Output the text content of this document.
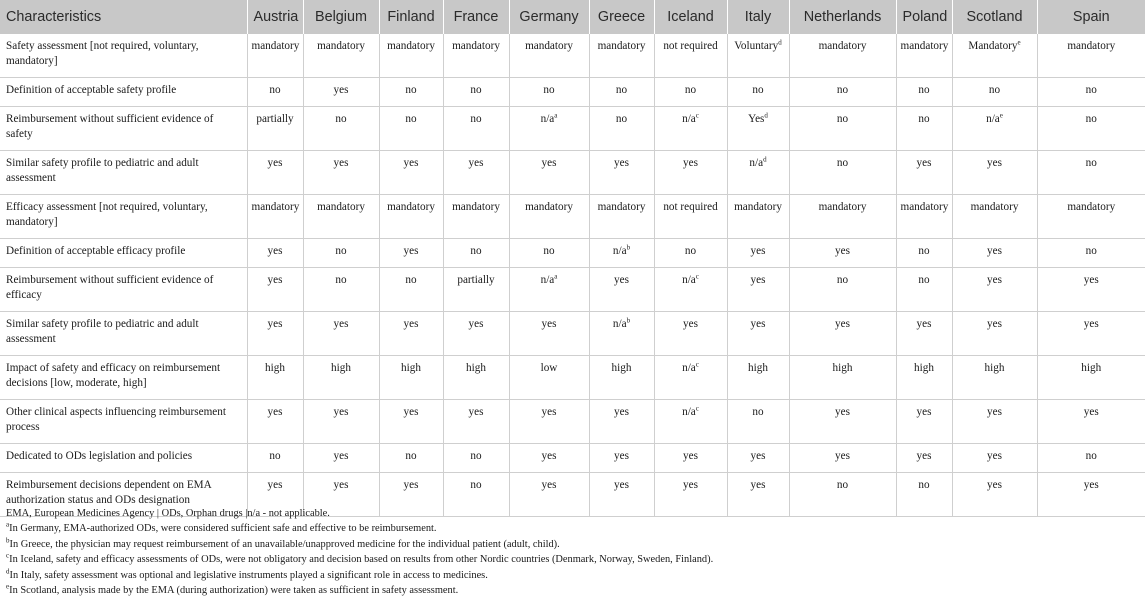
Characteristics	Austria	Belgium	Finland	France	Germany	Greece	Iceland	Italy	Netherlands	Poland	Scotland	Spain
Safety assessment [not required, voluntary, mandatory]	mandatory	mandatory	mandatory	mandatory	mandatory	mandatory	not required	Voluntary$^d$	mandatory	mandatory	Mandatory$^e$	mandatory
Definition of acceptable safety profile	no	yes	no	no	no	no	no	no	no	no	no	no
Reimbursement without sufficient evidence of safety	partially	no	no	no	$n/a^a$	no	$n/a^c$	Yes$^d$	no	no	$n/a^e$	no
Similar safety profile to pediatric and adult assessment	yes	yes	yes	yes	yes	yes	yes	$n/a^d$	no	yes	yes	no
Efficacy assessment [not required, voluntary, mandatory]	mandatory	mandatory	mandatory	mandatory	mandatory	mandatory	not required	mandatory	mandatory	mandatory	mandatory	mandatory
Definition of acceptable efficacy profile	yes	no	yes	no	no	$n/a^b$	no	yes	yes	no	yes	no
Reimbursement without sufficient evidence of efficacy	yes	no	no	partially	$n/a^a$	yes	$n/a^c$	yes	no	no	yes	yes
Similar safety profile to pediatric and adult assessment	yes	yes	yes	yes	yes	$n/a^b$	yes	yes	yes	yes	yes	yes
Impact of safety and efficacy on reimbursement decisions [low, moderate, high]	high	high	high	high	low	high	$n/a^c$	high	high	high	high	high
Other clinical aspects influencing reimbursement process	yes	yes	yes	yes	yes	yes	$n/a^c$	no	yes	yes	yes	yes
Dedicated to ODs legislation and policies	no	yes	no	no	yes	yes	yes	yes	yes	yes	yes	no
Reimbursement decisions dependent on EMA authorization status and ODs designation	yes	yes	yes	no	yes	yes	yes	yes	no	no	yes	yes

EMA, European Medicines Agency | ODs, Orphan drugs |n/a - not applicable.

$^a$In Germany, EMA-authorized ODs, were considered sufficient safe and effective to be reimbursement.

$^b$In Greece, the physician may request reimbursement of an unavailable/unapproved medicine for the individual patient (adult, child).

$^c$In Iceland, safety and efficacy assessments of ODs, were not obligatory and decision based on results from other Nordic countries (Denmark, Norway, Sweden, Finland).

$^d$In Italy, safety assessment was optional and legislative instruments played a significant role in access to medicines.

$^e$In Scotland, analysis made by the EMA (during authorization) were taken as sufficient in safety assessment.
